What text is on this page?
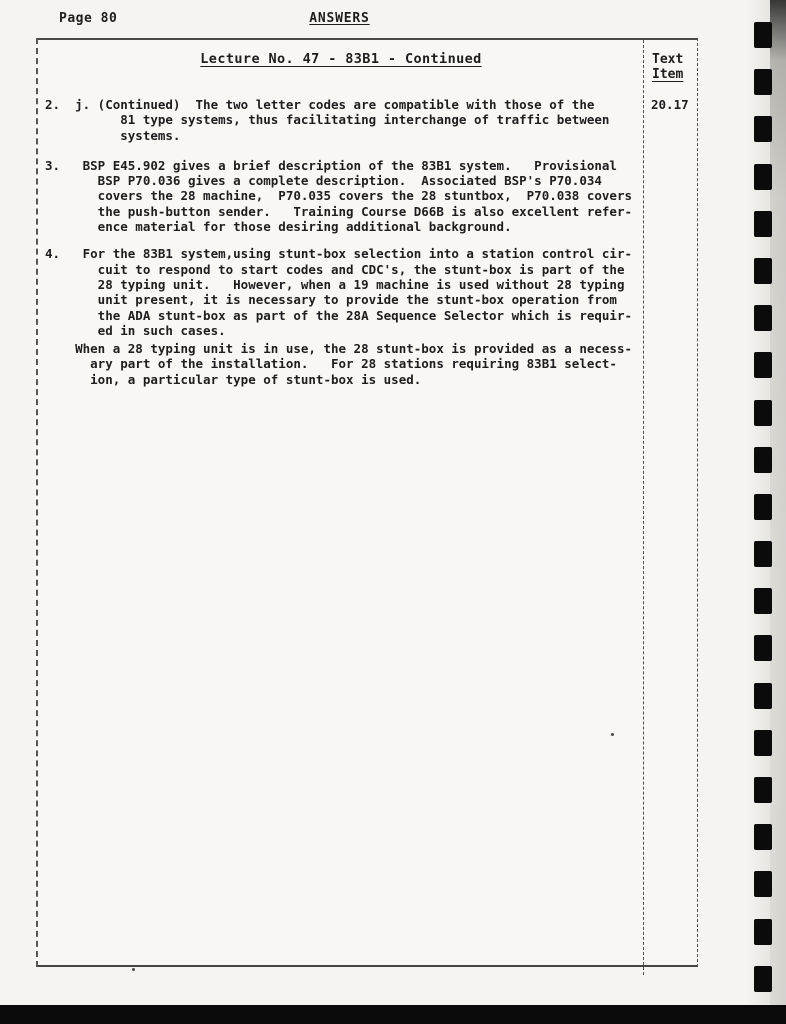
Page 80	ANSWERS
Lecture No. 47 - 83B1 - Continued	Text
Item
20.17
2.  j. (Continued)  The two letter codes are compatible with those of the
81 type systems, thus facilitating interchange of traffic between
systems.
3.   BSP E45.902 gives a brief description of the 83B1 system.   Provisional
BSP P70.036 gives a complete description.  Associated BSP's P70.034
covers the 28 machine,  P70.035 covers the 28 stuntbox,  P70.038 covers
the push-button sender.   Training Course D66B is also excellent refer-
ence material for those desiring additional background.
4.   For the 83B1 system,using stunt-box selection into a station control cir-
cuit to respond to start codes and CDC's, the stunt-box is part of the
28 typing unit.   However, when a 19 machine is used without 28 typing
unit present, it is necessary to provide the stunt-box operation from
the ADA stunt-box as part of the 28A Sequence Selector which is requir-
ed in such cases.
When a 28 typing unit is in use, the 28 stunt-box is provided as a necess-
ary part of the installation.   For 28 stations requiring 83B1 select-
ion, a particular type of stunt-box is used.
